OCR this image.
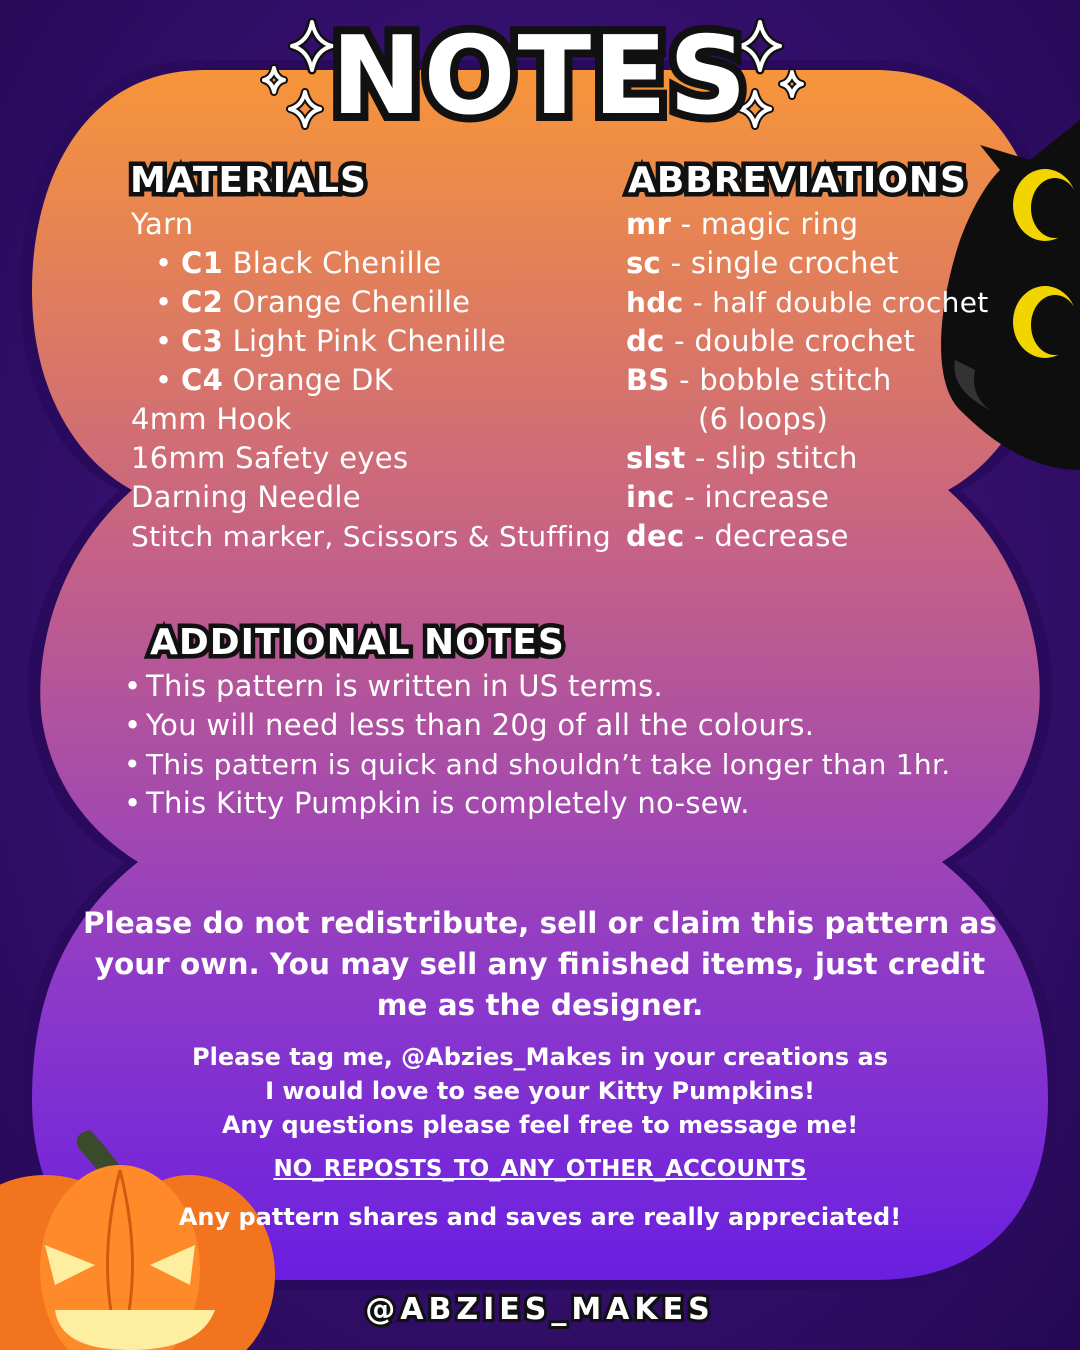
NOTES
MATERIALS
Yarn
• C1 Black Chenille
• C2 Orange Chenille
• C3 Light Pink Chenille
• C4 Orange DK
4mm Hook
16mm Safety eyes
Darning Needle
Stitch marker, Scissors & Stuffing
ABBREVIATIONS
mr - magic ring
sc - single crochet
hdc - half double crochet
dc - double crochet
BS - bobble stitch
(6 loops)
slst - slip stitch
inc - increase
dec - decrease
ADDITIONAL NOTES
• This pattern is written in US terms.
• You will need less than 20g of all the colours.
• This pattern is quick and shouldn’t take longer than 1hr.
• This Kitty Pumpkin is completely no-sew.
Please do not redistribute, sell or claim this pattern as
your own. You may sell any finished items, just credit
me as the designer.
Please tag me, @Abzies_Makes in your creations as
I would love to see your Kitty Pumpkins!
Any questions please feel free to message me!
NO_REPOSTS_TO_ANY_OTHER_ACCOUNTS
Any pattern shares and saves are really appreciated!
@ABZIES_MAKES
